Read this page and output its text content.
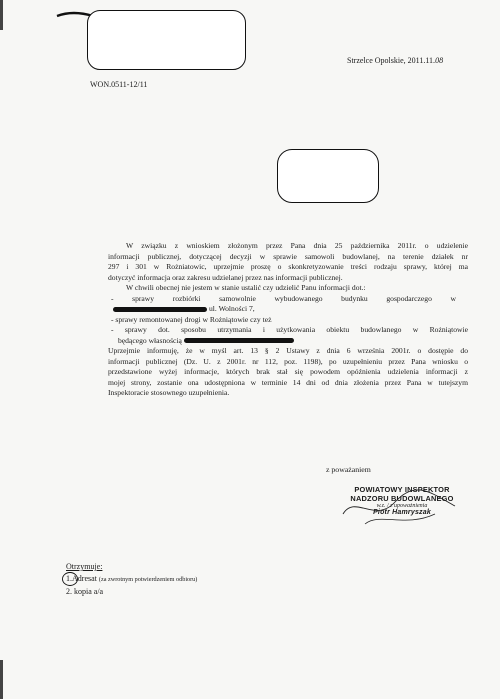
Strzelce Opolskie, 2011.11.08
WON.0511-12/11
W związku z wnioskiem złożonym przez Pana dnia 25 października 2011r. o udzielenie
informacji publicznej, dotyczącej decyzji w sprawie samowoli budowlanej, na terenie działek nr
297 i 301 w Rożniatowic, uprzejmie proszę o skonkretyzowanie treści rodzaju sprawy, której ma
dotyczyć informacja oraz zakresu udzielanej przez nas informacji publicznej.
W chwili obecnej nie jestem w stanie ustalić czy udzielić Panu informacji dot.:
- sprawy rozbiórki samowolnie wybudowanego budynku gospodarczego w
ul. Wolności 7,
- sprawy remontowanej drogi w Rożniątowie czy też
- sprawy dot. sposobu utrzymania i użytkowania obiektu budowlanego w Rożniątowie
będącego własnością
Uprzejmie informuję, że w myśl art. 13 § 2 Ustawy z dnia 6 września 2001r. o dostępie do
informacji publicznej (Dz. U. z 2001r. nr 112, poz. 1198), po uzupełnieniu przez Pana wniosku o
przedstawione wyżej informacje, których brak stał się powodem opóźnienia udzielenia informacji z
mojej strony, zostanie ona udostępniona w terminie 14 dni od dnia złożenia przez Pana w tutejszym
Inspektoracie stosownego uzupełnienia.
z poważaniem
POWIATOWY INSPEKTOR
NADZORU BUDOWLANEGO
w.z. / z upoważnienia
Piotr Hamryszak
Otrzymuje:
1.Adresat (za zwrotnym potwierdzeniem odbioru)
2. kopia a/a
